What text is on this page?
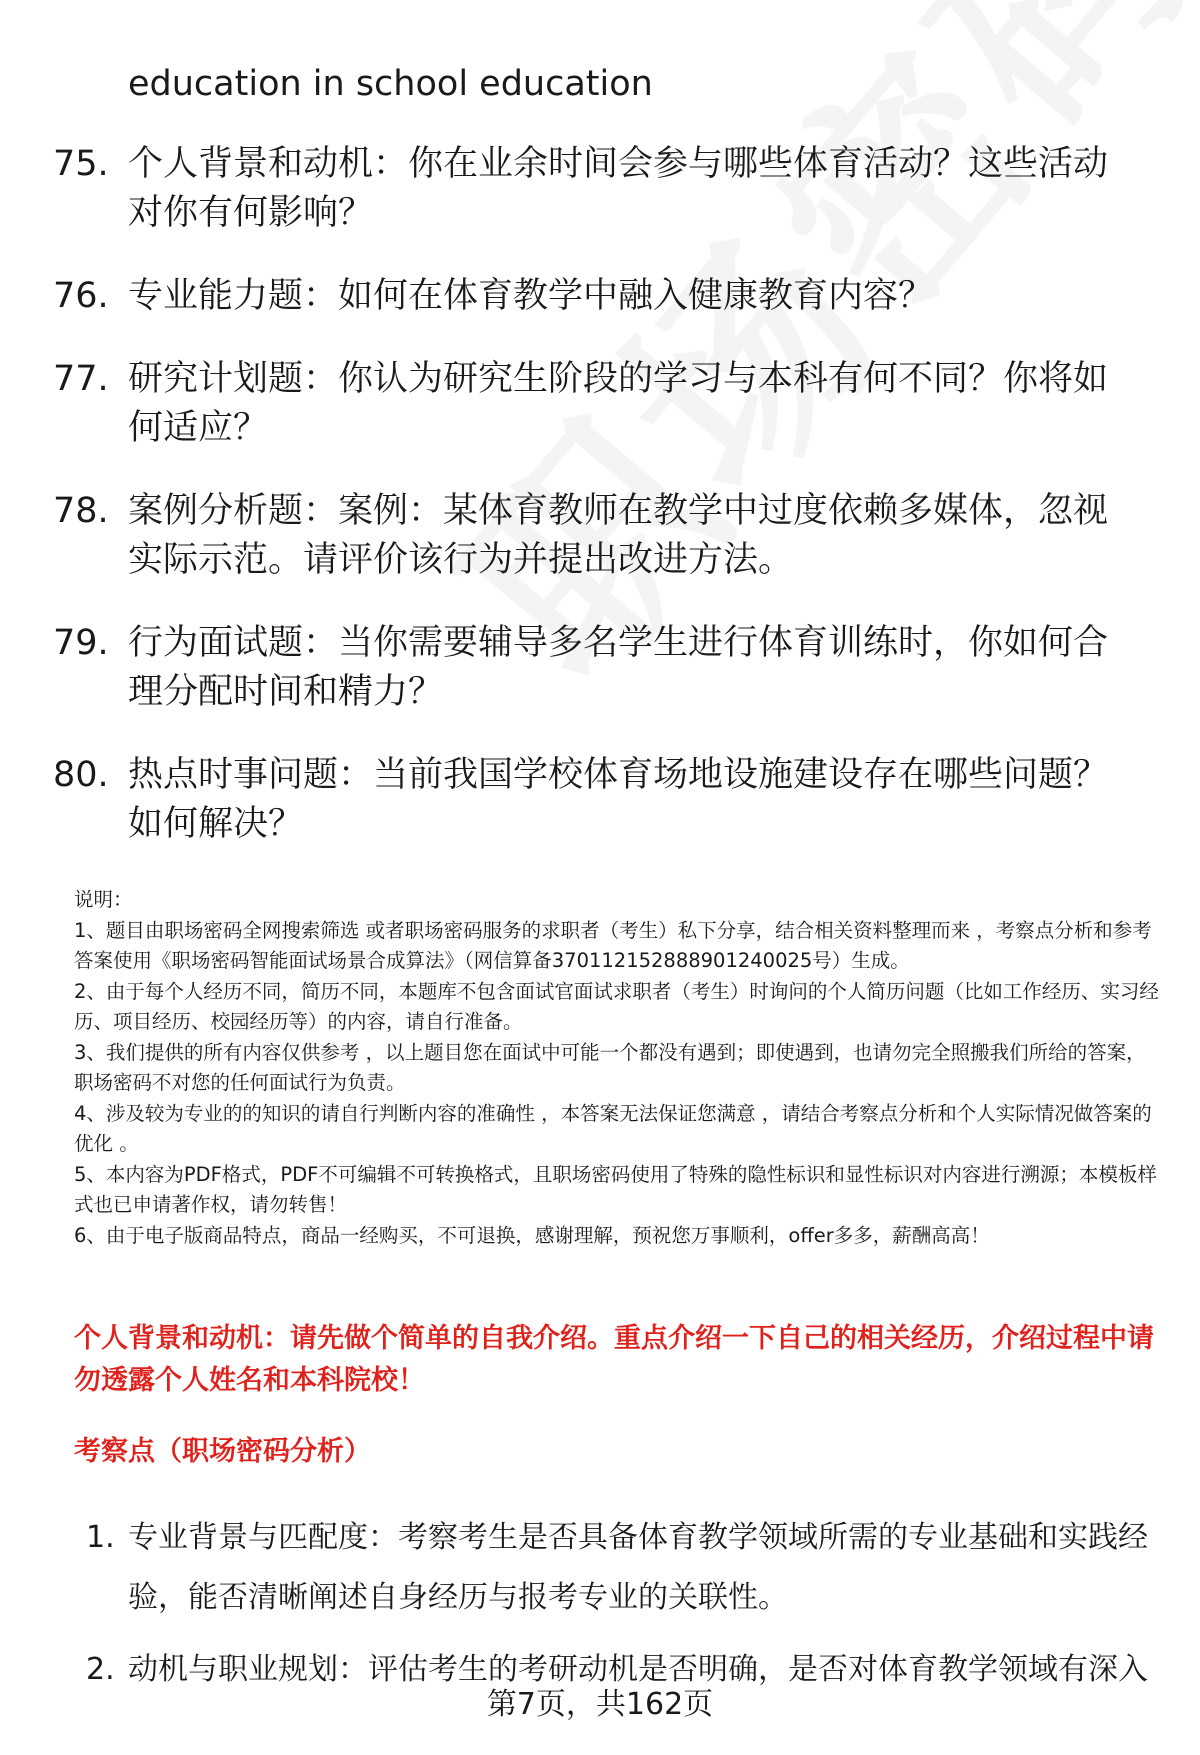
education in school education

75. 个人背景和动机：你在业余时间会参与哪些体育活动？这些活动对你有何影响？
76. 专业能力题：如何在体育教学中融入健康教育内容？
77. 研究计划题：你认为研究生阶段的学习与本科有何不同？你将如何适应？
78. 案例分析题：案例：某体育教师在教学中过度依赖多媒体，忽视实际示范。请评价该行为并提出改进方法。
79. 行为面试题：当你需要辅导多名学生进行体育训练时，你如何合理分配时间和精力？
80. 热点时事问题：当前我国学校体育场地设施建设存在哪些问题？如何解决？

说明：

1、题目由职场密码全网搜索筛选 或者职场密码服务的求职者（考生）私下分享，结合相关资料整理而来 ，考察点分析和参考答案使用《职场密码智能面试场景合成算法》（网信算备370112152888901240025号）生成。

2、由于每个人经历不同，简历不同，本题库不包含面试官面试求职者（考生）时询问的个人简历问题（比如工作经历、实习经历、项目经历、校园经历等）的内容，请自行准备。

3、我们提供的所有内容仅供参考 ，以上题目您在面试中可能一个都没有遇到；即使遇到，也请勿完全照搬我们所给的答案，职场密码不对您的任何面试行为负责。

4、涉及较为专业的的知识的请自行判断内容的准确性 ，本答案无法保证您满意 ，请结合考察点分析和个人实际情况做答案的优化 。

5、本内容为PDF格式，PDF不可编辑不可转换格式，且职场密码使用了特殊的隐性标识和显性标识对内容进行溯源；本模板样式也已申请著作权，请勿转售！

6、由于电子版商品特点，商品一经购买，不可退换，感谢理解，预祝您万事顺利，offer多多，薪酬高高！

个人背景和动机：请先做个简单的自我介绍。重点介绍一下自己的相关经历，介绍过程中请勿透露个人姓名和本科院校！

考察点（职场密码分析）

1. 专业背景与匹配度：考察考生是否具备体育教学领域所需的专业基础和实践经验，能否清晰阐述自身经历与报考专业的关联性。
2. 动机与职业规划：评估考生的考研动机是否明确，是否对体育教学领域有深入

第7页，共162页
